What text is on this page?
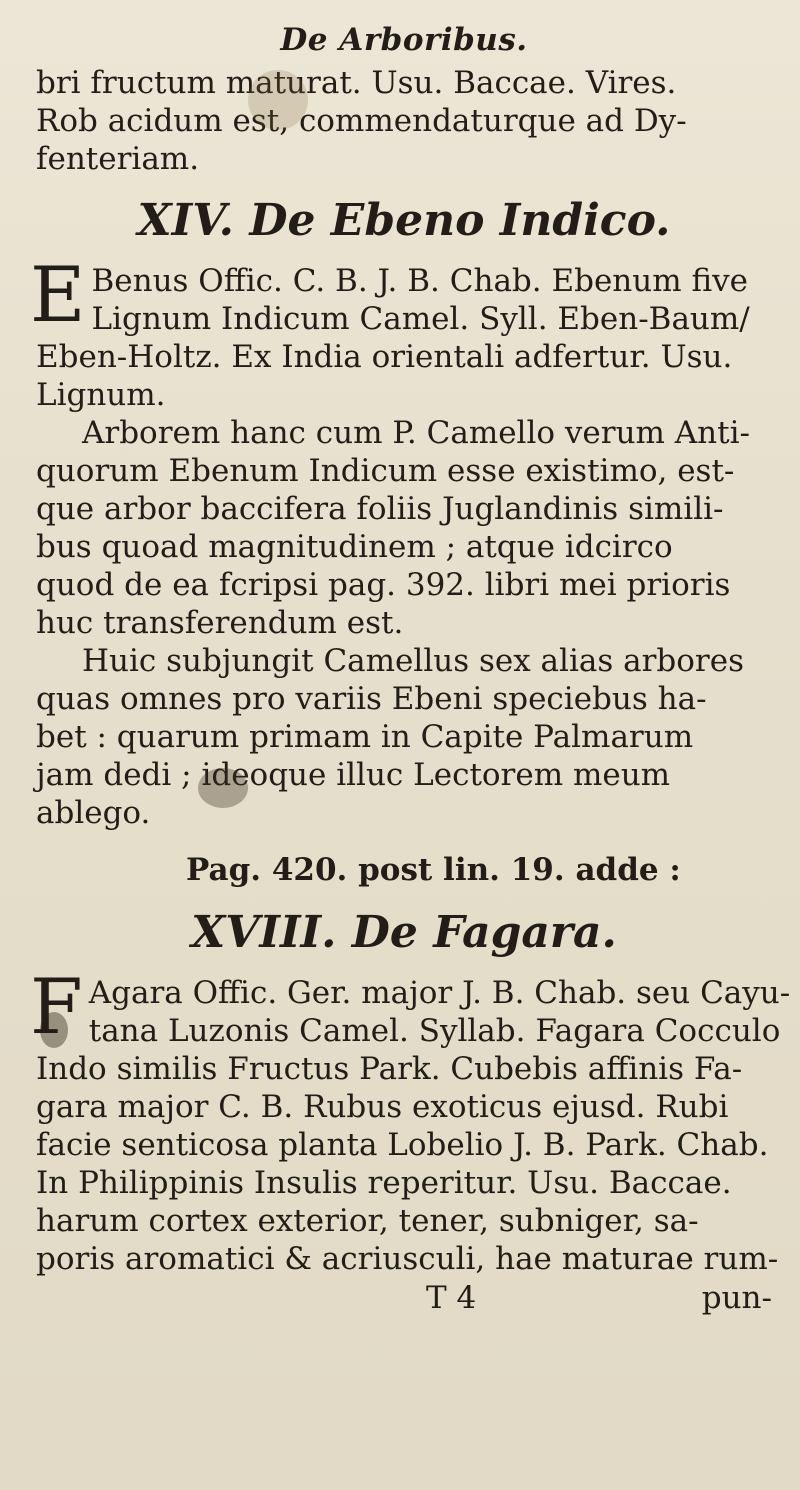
De Arboribus.
bri fructum maturat. Usu. Baccae. Vires.
Rob acidum est, commendaturque ad Dy-
fenteriam.
XIV. De Ebeno Indico.
E Benus Offic. C. B. J. B. Chab. Ebenum five
Lignum Indicum Camel. Syll. Eben-Baum/
Eben-Holtz. Ex India orientali adfertur. Usu.
Lignum.
Arborem hanc cum P. Camello verum Anti-
quorum Ebenum Indicum esse existimo, est-
que arbor baccifera foliis Juglandinis simili-
bus quoad magnitudinem ; atque idcirco
quod de ea fcripsi pag. 392. libri mei prioris
huc transferendum est.
Huic subjungit Camellus sex alias arbores
quas omnes pro variis Ebeni speciebus ha-
bet : quarum primam in Capite Palmarum
jam dedi ; ideoque illuc Lectorem meum
ablego.
Pag. 420. post lin. 19. adde :
XVIII. De Fagara.
F Agara Offic. Ger. major J. B. Chab. seu Cayu-
tana Luzonis Camel. Syllab. Fagara Cocculo
Indo similis Fructus Park. Cubebis affinis Fa-
gara major C. B. Rubus exoticus ejusd. Rubi
facie senticosa planta Lobelio J. B. Park. Chab.
In Philippinis Insulis reperitur. Usu. Baccae.
harum cortex exterior, tener, subniger, sa-
poris aromatici & acriusculi, hae maturae rum-
T 4	pun-
